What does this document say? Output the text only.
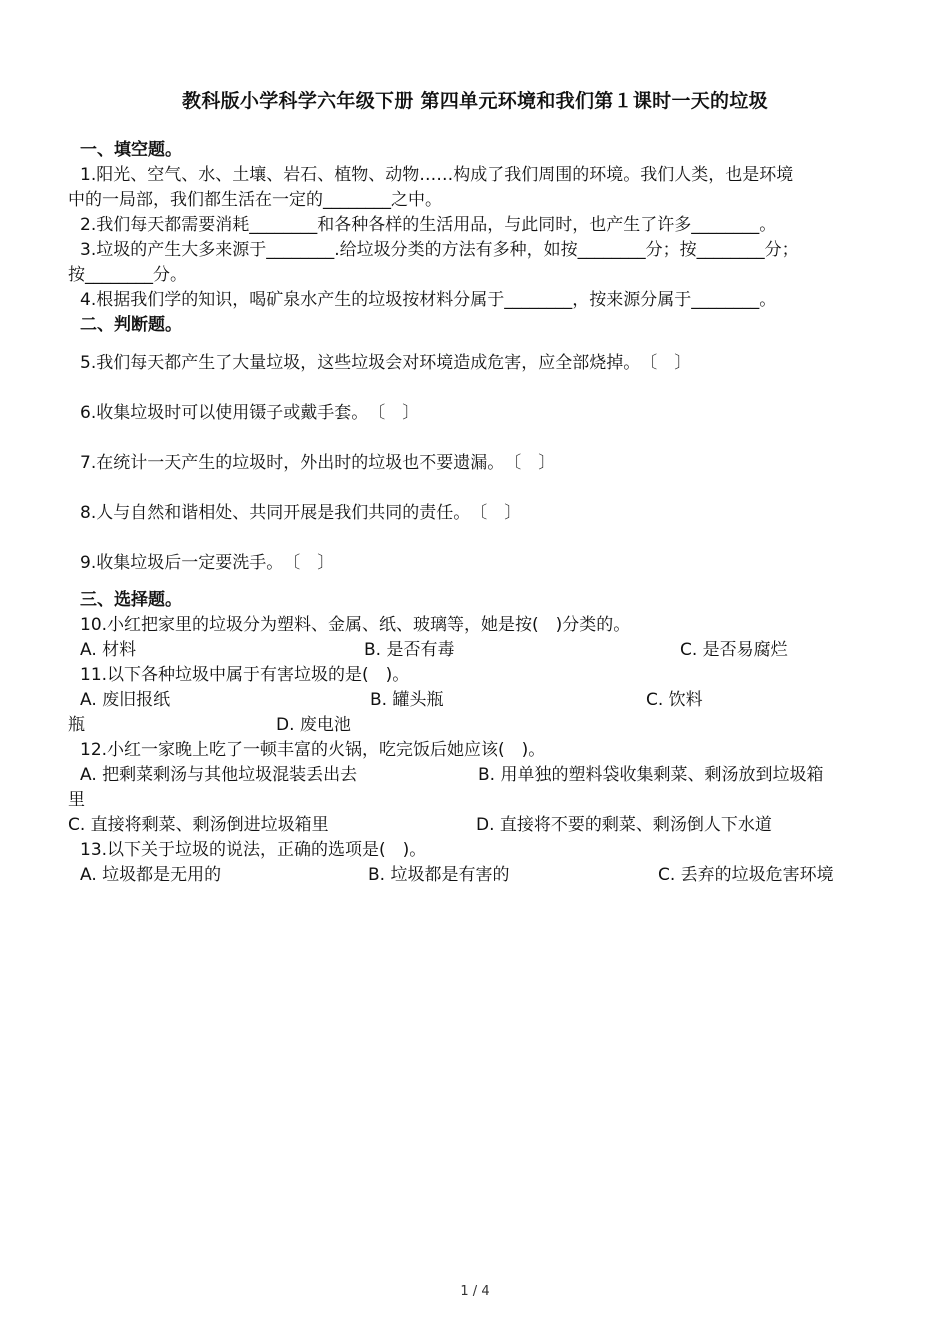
教科版小学科学六年级下册 第四单元环境和我们第１课时一天的垃圾
一、填空题。
1.阳光、空气、水、土壤、岩石、植物、动物……构成了我们周围的环境。我们人类，也是环境
中的一局部，我们都生活在一定的________之中。
2.我们每天都需要消耗________和各种各样的生活用品，与此同时，也产生了许多________。
3.垃圾的产生大多来源于________.给垃圾分类的方法有多种，如按________分；按________分；
按________分。
4.根据我们学的知识，喝矿泉水产生的垃圾按材料分属于________，按来源分属于________。
二、判断题。
5.我们每天都产生了大量垃圾，这些垃圾会对环境造成危害，应全部烧掉。　〔　〕
6.收集垃圾时可以使用镊子或戴手套。　〔　〕
7.在统计一天产生的垃圾时，外出时的垃圾也不要遗漏。　〔　〕
8.人与自然和谐相处、共同开展是我们共同的责任。　〔　〕
9.收集垃圾后一定要洗手。　〔　〕
三、选择题。
10.小红把家里的垃圾分为塑料、金属、纸、玻璃等，她是按(　)分类的。
A. 材料	B. 是否有毒	C. 是否易腐烂
11.以下各种垃圾中属于有害垃圾的是(　)。
A. 废旧报纸	B. 罐头瓶	C. 饮料
瓶	D. 废电池
12.小红一家晚上吃了一顿丰富的火锅，吃完饭后她应该(　)。
A. 把剩菜剩汤与其他垃圾混装丢出去	B. 用单独的塑料袋收集剩菜、剩汤放到垃圾箱
里
C. 直接将剩菜、剩汤倒进垃圾箱里	D. 直接将不要的剩菜、剩汤倒人下水道
13.以下关于垃圾的说法，正确的选项是(　)。
A. 垃圾都是无用的	B. 垃圾都是有害的	C. 丢弃的垃圾危害环境
1 / 4
